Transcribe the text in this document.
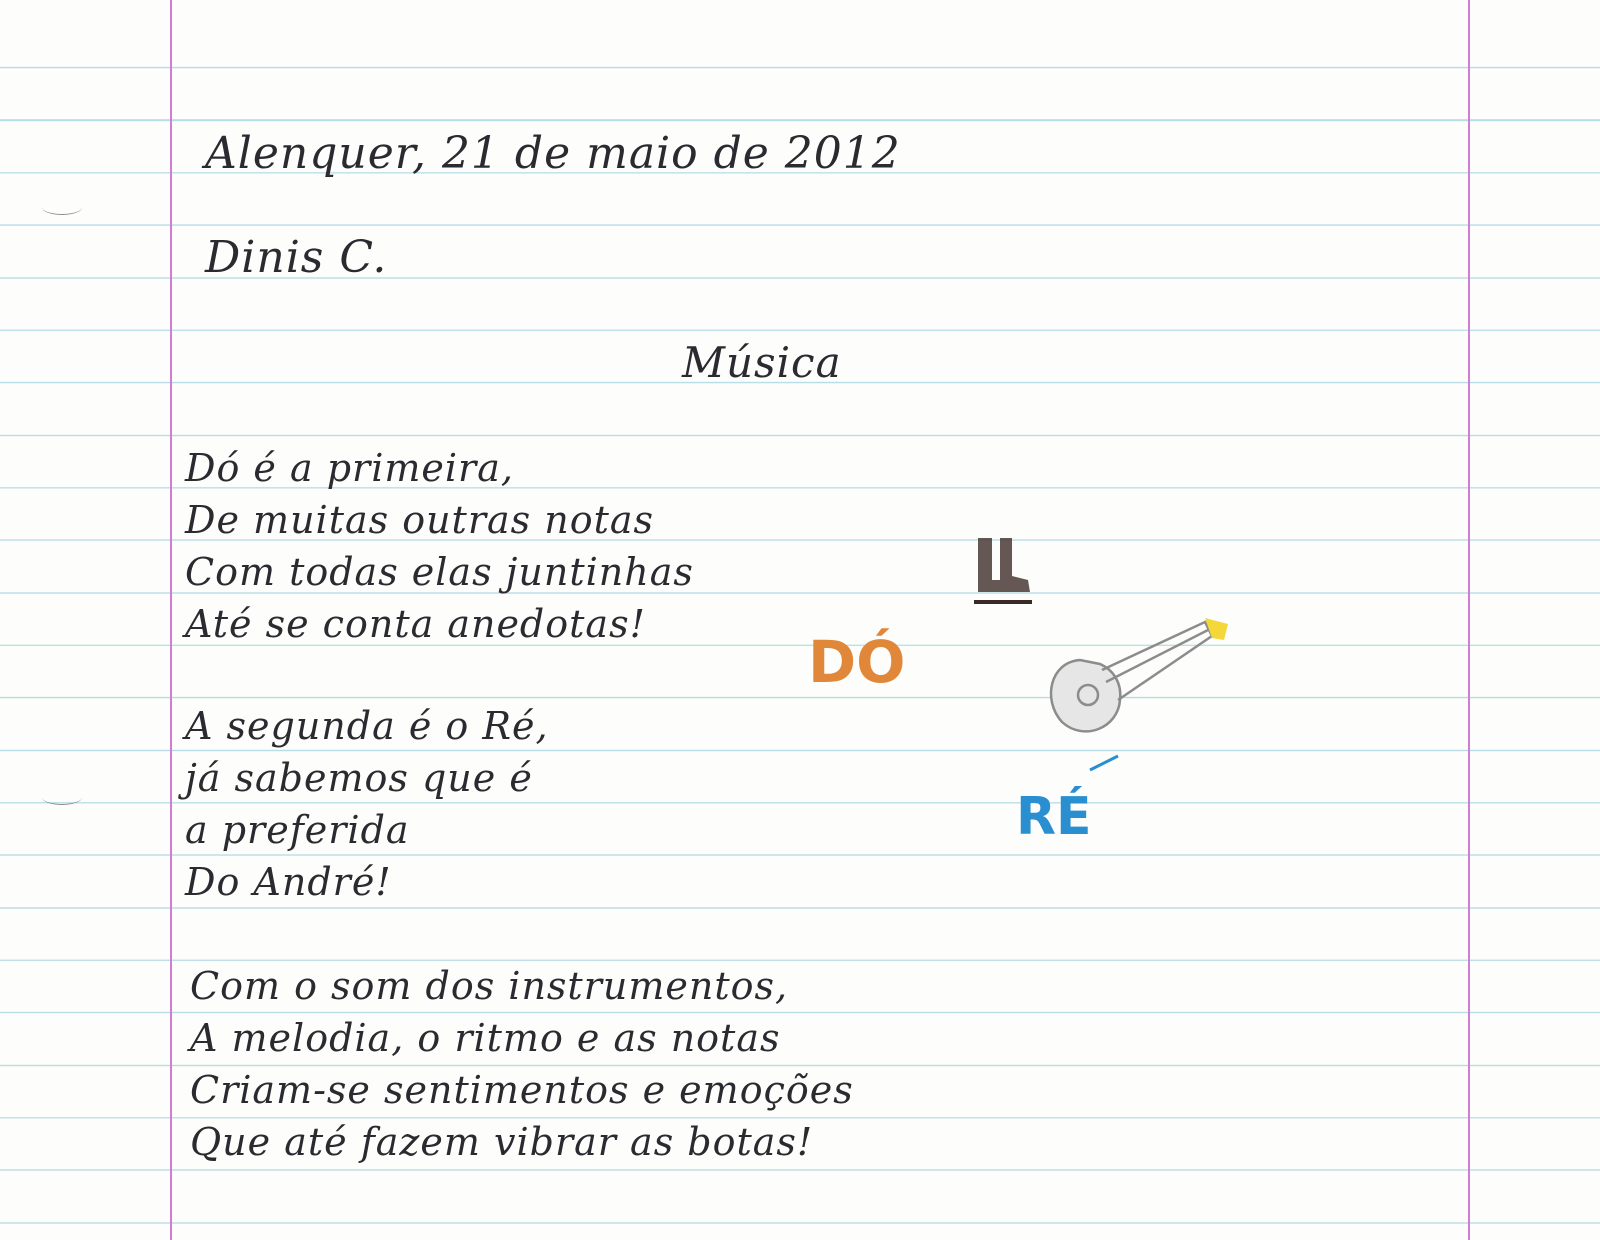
Alenquer, 21 de maio de 2012
Dinis C.
Música
Dó é a primeira,
De muitas outras notas
Com todas elas juntinhas
Até se conta anedotas!
A segunda é o Ré,
já sabemos que é
a preferida
Do André!
Com o som dos instrumentos,
A melodia, o ritmo e as notas
Criam-se sentimentos e emoções
Que até fazem vibrar as botas!
DÓ
RÉ
